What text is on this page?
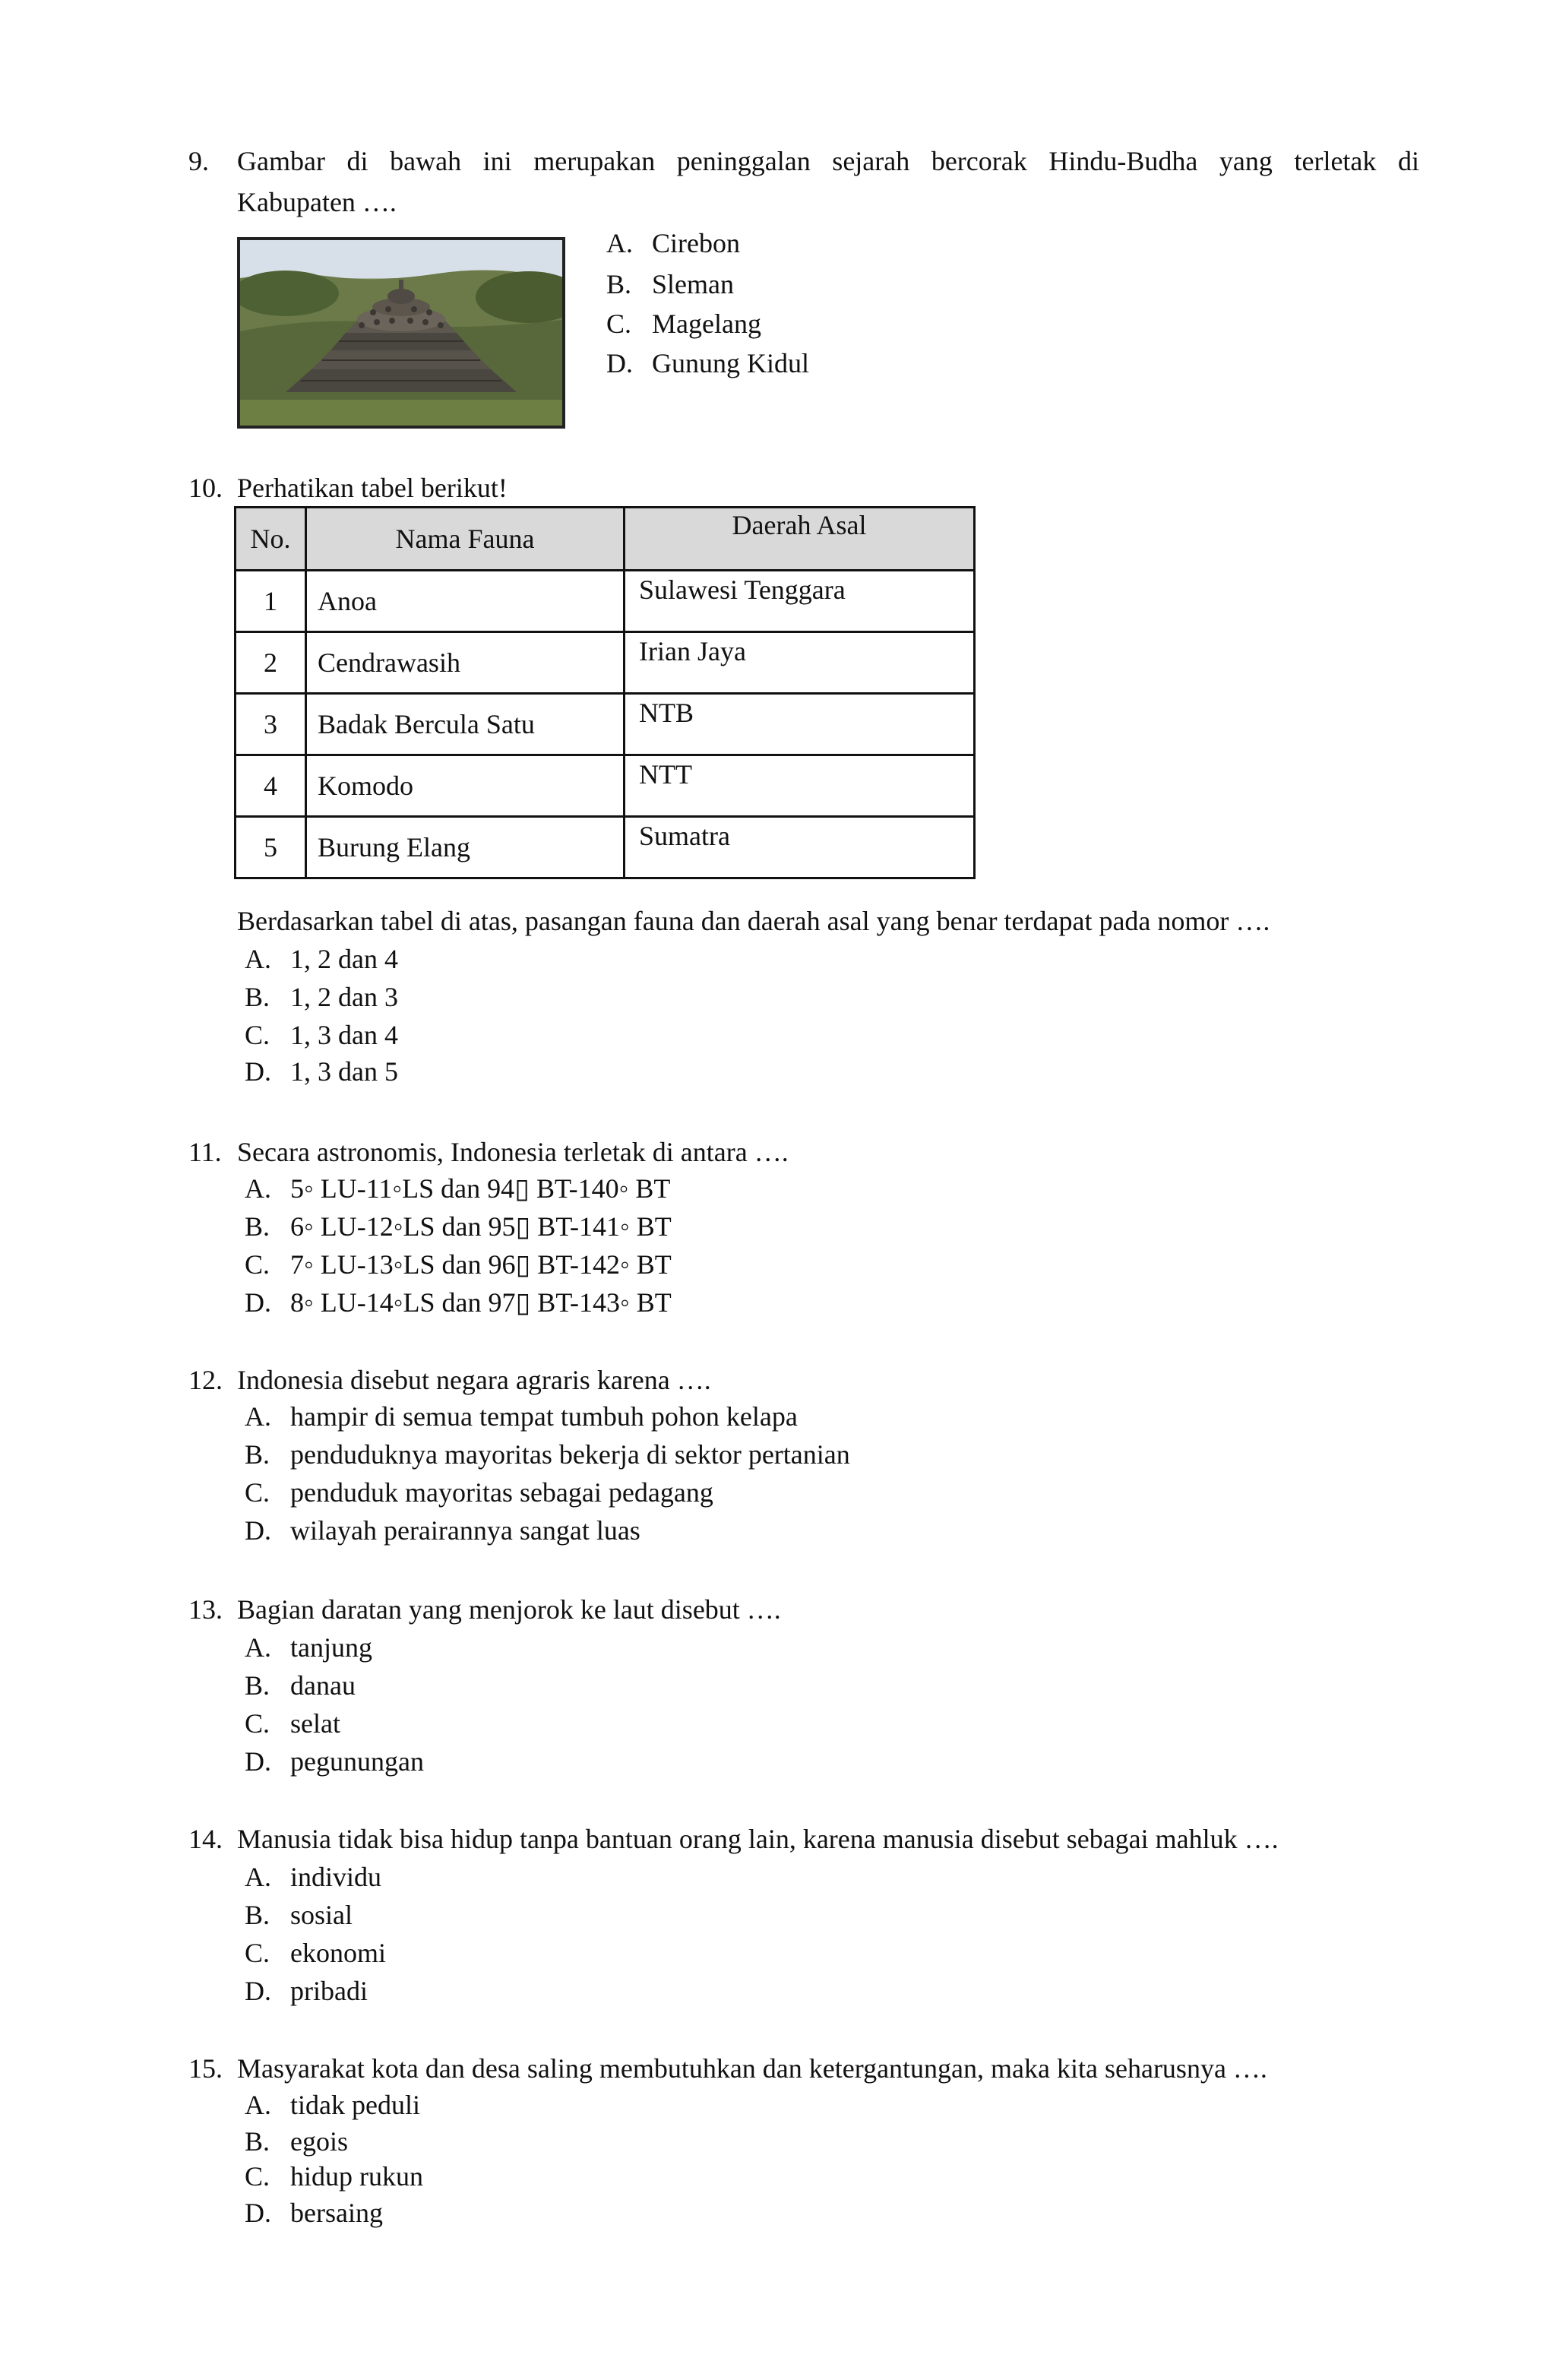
9. Gambar di bawah ini merupakan peninggalan sejarah bercorak Hindu-Budha yang terletak di
Kabupaten ….
A. Cirebon
B. Sleman
C. Magelang
D. Gunung Kidul
10. Perhatikan tabel berikut!
No.	Nama Fauna	Daerah Asal
1	Anoa	Sulawesi Tenggara
2	Cendrawasih	Irian Jaya
3	Badak Bercula Satu	NTB
4	Komodo	NTT
5	Burung Elang	Sumatra
Berdasarkan tabel di atas, pasangan fauna dan daerah asal yang benar terdapat pada nomor ….
A. 1, 2 dan 4
B. 1, 2 dan 3
C. 1, 3 dan 4
D. 1, 3 dan 5
11. Secara astronomis, Indonesia terletak di antara ….
A. 5◦ LU-11◦LS dan 94▯ BT-140◦ BT
B. 6◦ LU-12◦LS dan 95▯ BT-141◦ BT
C. 7◦ LU-13◦LS dan 96▯ BT-142◦ BT
D. 8◦ LU-14◦LS dan 97▯ BT-143◦ BT
12. Indonesia disebut negara agraris karena ….
A. hampir di semua tempat tumbuh pohon kelapa
B. penduduknya mayoritas bekerja di sektor pertanian
C. penduduk mayoritas sebagai pedagang
D. wilayah perairannya sangat luas
13. Bagian daratan yang menjorok ke laut disebut ….
A. tanjung
B. danau
C. selat
D. pegunungan
14. Manusia tidak bisa hidup tanpa bantuan orang lain, karena manusia disebut sebagai mahluk ….
A. individu
B. sosial
C. ekonomi
D. pribadi
15. Masyarakat kota dan desa saling membutuhkan dan ketergantungan, maka kita seharusnya ….
A. tidak peduli
B. egois
C. hidup rukun
D. bersaing
